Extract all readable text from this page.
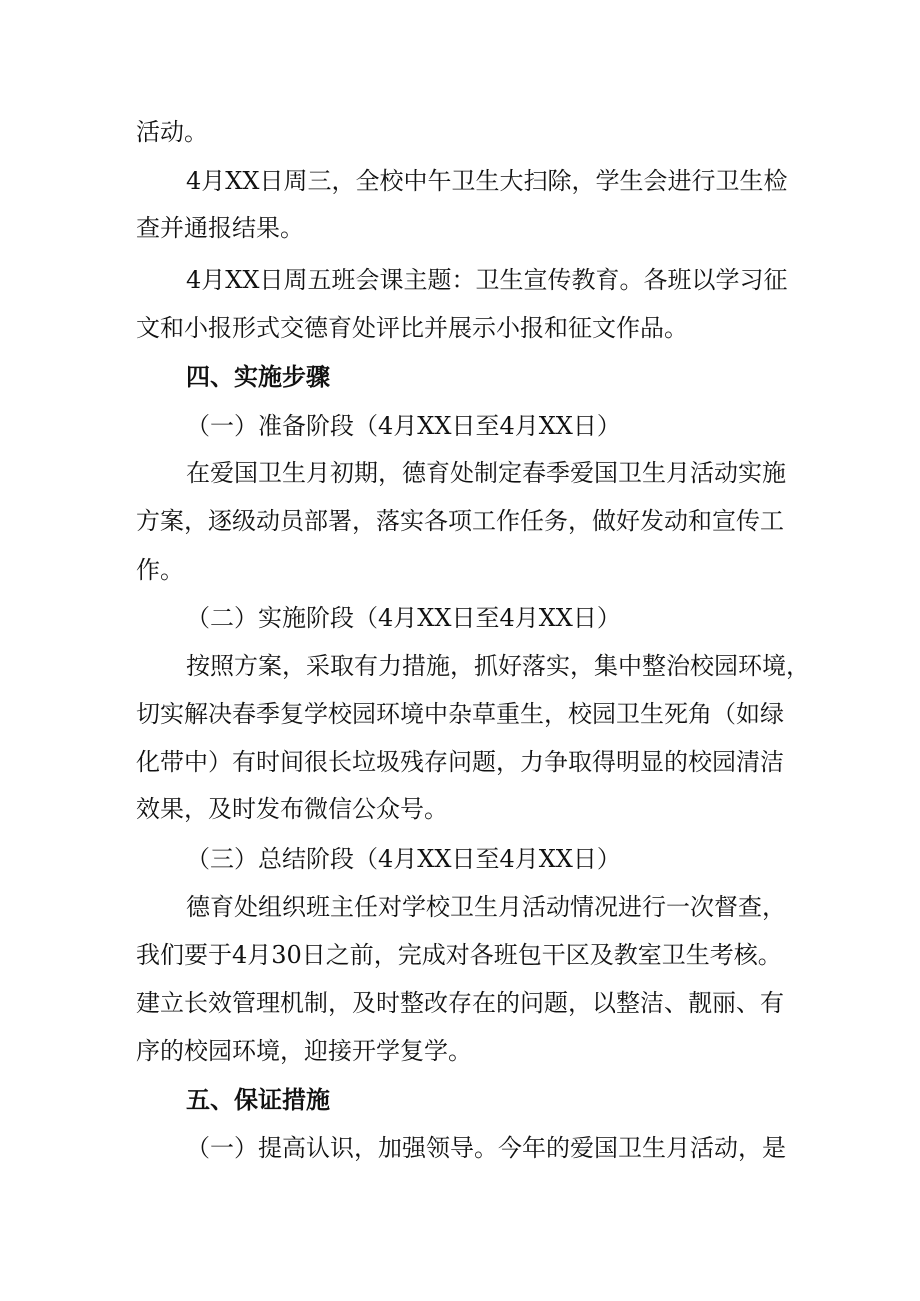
活动。
4月XX日周三，全校中午卫生大扫除，学生会进行卫生检
查并通报结果。
4月XX日周五班会课主题：卫生宣传教育。各班以学习征
文和小报形式交德育处评比并展示小报和征文作品。
四、实施步骤
（一）准备阶段（4月XX日至4月XX日）
在爱国卫生月初期，德育处制定春季爱国卫生月活动实施
方案，逐级动员部署，落实各项工作任务，做好发动和宣传工
作。
（二）实施阶段（4月XX日至4月XX日）
按照方案，采取有力措施，抓好落实，集中整治校园环境，
切实解决春季复学校园环境中杂草重生，校园卫生死角（如绿
化带中）有时间很长垃圾残存问题，力争取得明显的校园清洁
效果，及时发布微信公众号。
（三）总结阶段（4月XX日至4月XX日）
德育处组织班主任对学校卫生月活动情况进行一次督查，
我们要于4月30日之前，完成对各班包干区及教室卫生考核。
建立长效管理机制，及时整改存在的问题，以整洁、靓丽、有
序的校园环境，迎接开学复学。
五、保证措施
（一）提高认识，加强领导。今年的爱国卫生月活动，是
